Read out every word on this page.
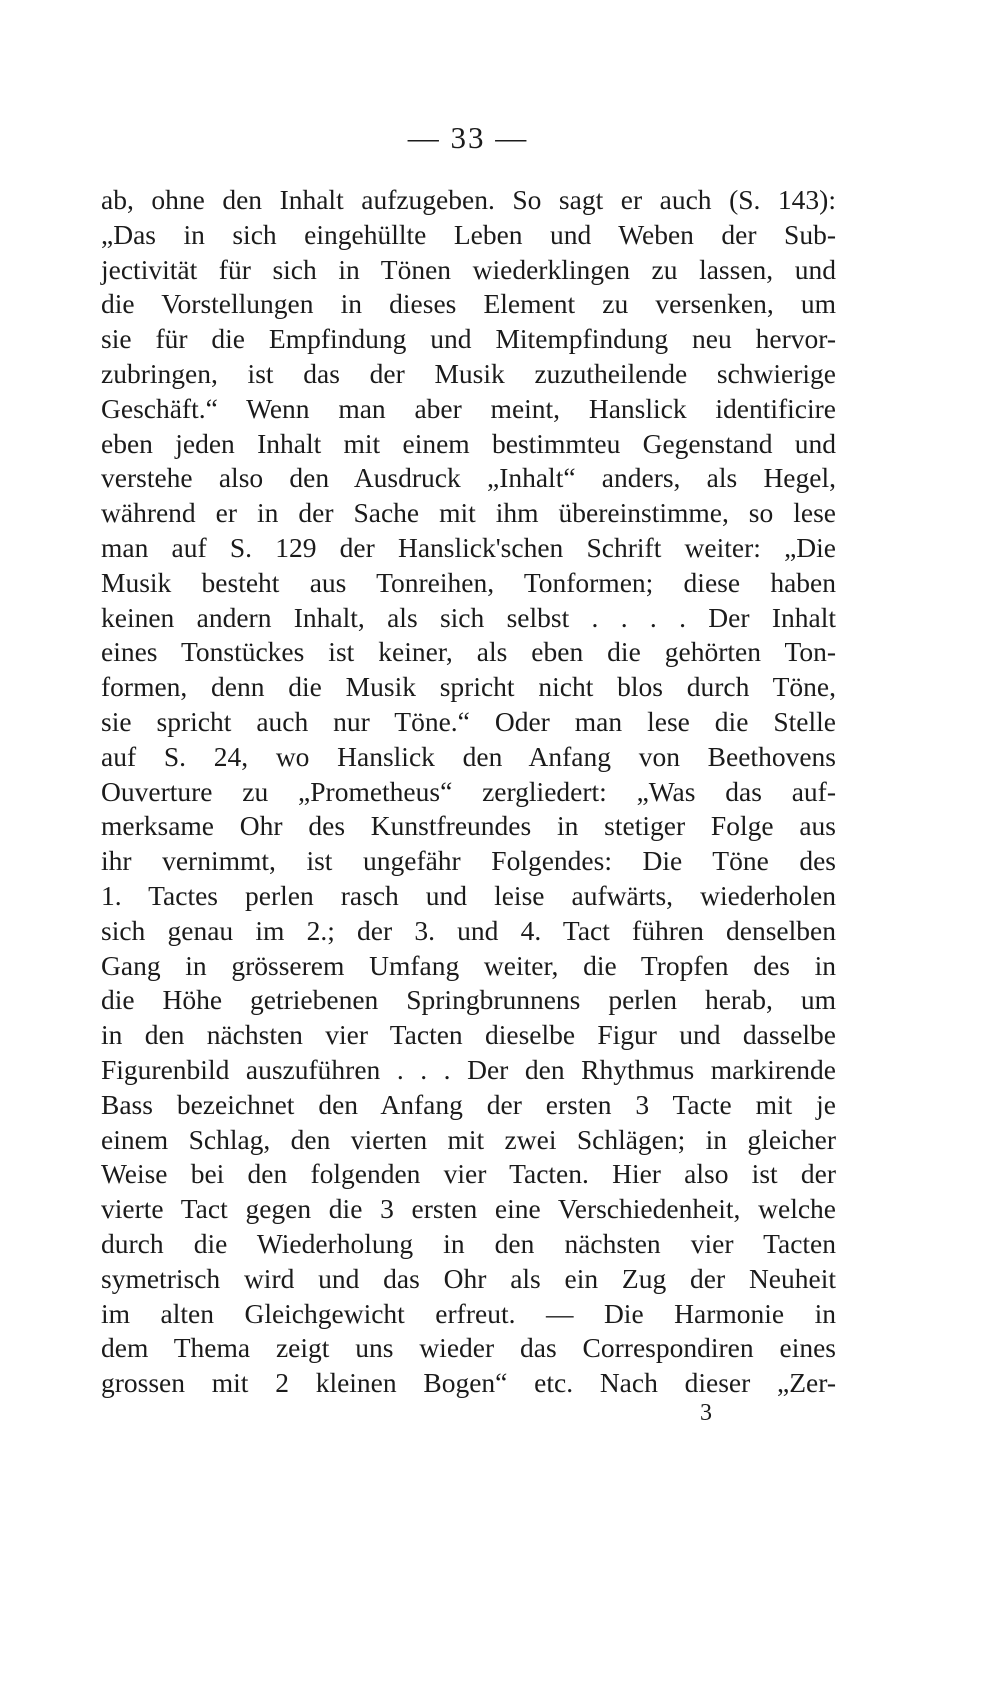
— 33 —
ab, ohne den Inhalt aufzugeben. So sagt er auch (S. 143):
„Das in sich eingehüllte Leben und Weben der Sub-
jectivität für sich in Tönen wiederklingen zu lassen, und
die Vorstellungen in dieses Element zu versenken, um
sie für die Empfindung und Mitempfindung neu hervor-
zubringen, ist das der Musik zuzutheilende schwierige
Geschäft.“ Wenn man aber meint, Hanslick identificire
eben jeden Inhalt mit einem bestimmteu Gegenstand und
verstehe also den Ausdruck „Inhalt“ anders, als Hegel,
während er in der Sache mit ihm übereinstimme, so lese
man auf S. 129 der Hanslick'schen Schrift weiter: „Die
Musik besteht aus Tonreihen, Tonformen; diese haben
keinen andern Inhalt, als sich selbst . . . . Der Inhalt
eines Tonstückes ist keiner, als eben die gehörten Ton-
formen, denn die Musik spricht nicht blos durch Töne,
sie spricht auch nur Töne.“ Oder man lese die Stelle
auf S. 24, wo Hanslick den Anfang von Beethovens
Ouverture zu „Prometheus“ zergliedert: „Was das auf-
merksame Ohr des Kunstfreundes in stetiger Folge aus
ihr vernimmt, ist ungefähr Folgendes: Die Töne des
1. Tactes perlen rasch und leise aufwärts, wiederholen
sich genau im 2.; der 3. und 4. Tact führen denselben
Gang in grösserem Umfang weiter, die Tropfen des in
die Höhe getriebenen Springbrunnens perlen herab, um
in den nächsten vier Tacten dieselbe Figur und dasselbe
Figurenbild auszuführen . . . Der den Rhythmus markirende
Bass bezeichnet den Anfang der ersten 3 Tacte mit je
einem Schlag, den vierten mit zwei Schlägen; in gleicher
Weise bei den folgenden vier Tacten. Hier also ist der
vierte Tact gegen die 3 ersten eine Verschiedenheit, welche
durch die Wiederholung in den nächsten vier Tacten
symetrisch wird und das Ohr als ein Zug der Neuheit
im alten Gleichgewicht erfreut. — Die Harmonie in
dem Thema zeigt uns wieder das Correspondiren eines
grossen mit 2 kleinen Bogen“ etc. Nach dieser „Zer-
3
